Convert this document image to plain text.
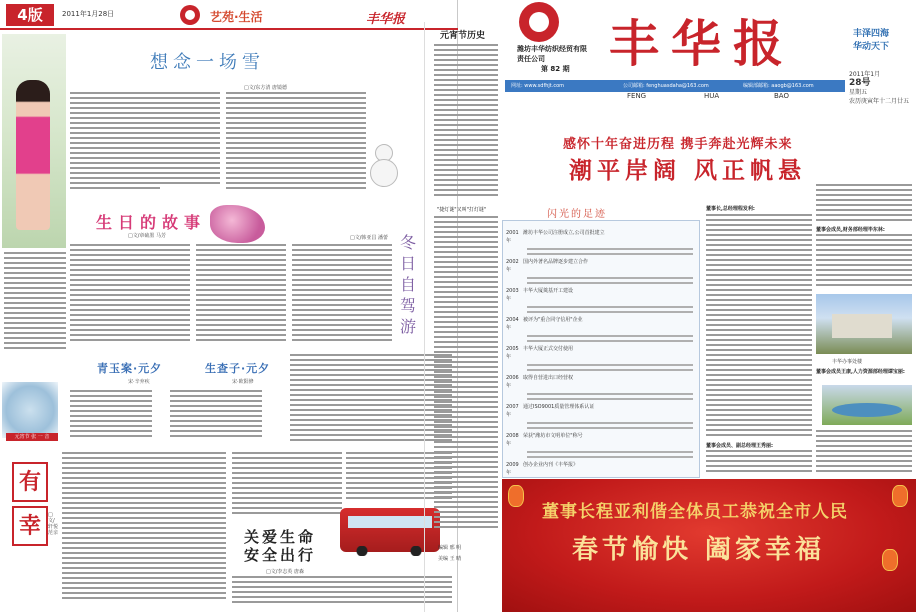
4版	2011年1月28日	艺苑·生活	丰华报
想念一场雪
□文/东方清 唐镜德
生日的故事
□文/章硫墨 马芳	冬日自驾游
□文/韩亚昌 潘蕾
青玉案·元夕
宋·辛弃疾
生查子·元夕
宋·欧阳修
元宵节 张 一 音
有
幸	□文/轩悦 范亲	关爱生命
安全出行
□文/李志英 唐森
潍坊丰华纺织经贸有限责任公司
第 82 期 丰华报
FENG	HUA	BAO
丰泽四海
华动天下
2011年1月
28号
星期五
农历庚寅年十二月廿五
网址: www.sdfhjt.com	公司邮箱: fenghuasdaha@163.com	编辑部邮箱: aaogb@163.com
感怀十年奋进历程 携手奔赴光辉未来
潮平岸阔 风正帆悬
元宵节历史
"捷灯谜"又叫"打灯谜"
编辑 邢 明
美编 王 晴
闪光的足迹
2001年
潍坊丰华公司注册成立,公司首批建立
2002年
国内外著名品牌逐步建立合作
2003年
丰华大厦奠基开工建设
2004年
被评为"重合同守信用"企业
2005年
丰华大厦正式交付使用
2006年
取得自营进出口经营权
2007年
通过ISO9001质量管理体系认证
2008年
荣获"潍坊市文明单位"称号
2009年
创办企业内刊《丰华报》
董事长,总经理程发利:
董事会成员、副总经理王秀丽:
董事会成员,财务部经理毕东林:
丰华办事处楼
董事会成员王康,人力资源部经理谭宝丽:
董事长程亚利偕全体员工恭祝全市人民
春节愉快 阖家幸福
